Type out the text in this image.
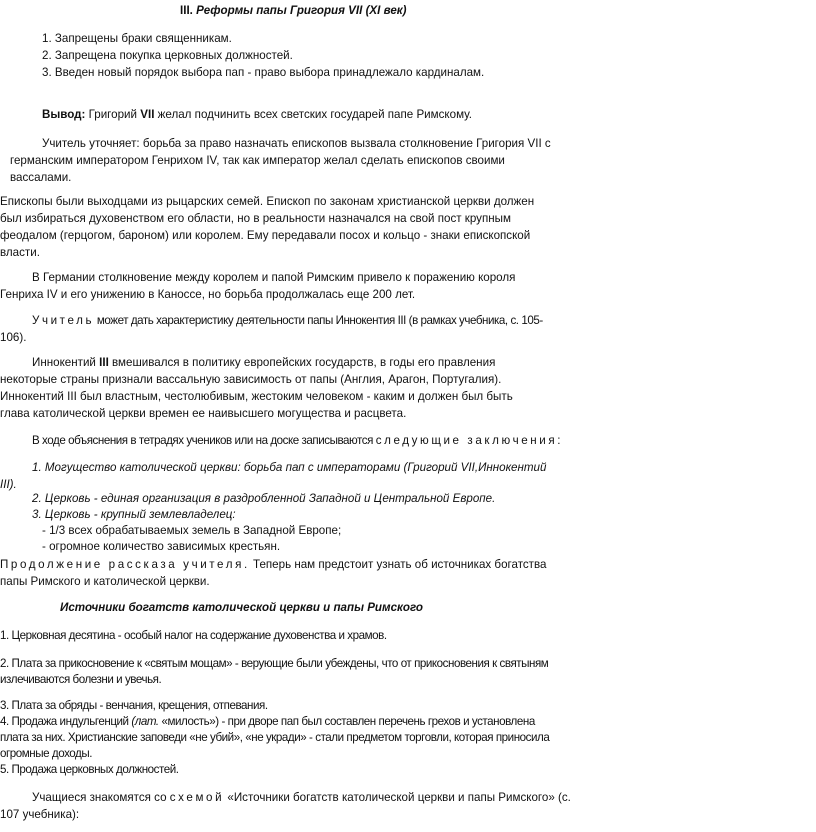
III. Реформы папы Григория VII (XI век)
1. Запрещены браки священникам.
2. Запрещена покупка церковных должностей.
3. Введен новый порядок выбора пап - право выбора принадлежало кардиналам.
Вывод: Григорий VII желал подчинить всех светских государей папе Римскому.
Учитель уточняет: борьба за право назначать епископов вызвала столкновение Григория VII с
германским императором Генрихом IV, так как император желал сделать епископов своими
вассалами.
Епископы были выходцами из рыцарских семей. Епископ по законам христианской церкви должен
был избираться духовенством его области, но в реальности назначался на свой пост крупным
феодалом (герцогом, бароном) или королем. Ему передавали посох и кольцо - знаки епископской
власти.
В Германии столкновение между королем и папой Римским привело к поражению короля
Генриха IV и его унижению в Каноссе, но борьба продолжалась еще 200 лет.
Учитель может дать характеристику деятельности папы Иннокентия III (в рамках учебника, с. 105-
106).
Иннокентий III вмешивался в политику европейских государств, в годы его правления
некоторые страны признали вассальную зависимость от папы (Англия, Арагон, Португалия).
Иннокентий III был властным, честолюбивым, жестоким человеком - каким и должен был быть
глава католической церкви времен ее наивысшего могущества и расцвета.
В ходе объяснения в тетрадях учеников или на доске записываются следующие заключения:
1. Могущество католической церкви: борьба пап с императорами (Григорий VII,Иннокентий
III).
2. Церковь - единая организация в раздробленной Западной и Центральной Европе.
3. Церковь - крупный землевладелец:
- 1/3 всех обрабатываемых земель в Западной Европе;
- огромное количество зависимых крестьян.
Продолжение рассказа учителя. Теперь нам предстоит узнать об источниках богатства
папы Римского и католической церкви.
Источники богатств католической церкви и папы Римского
1. Церковная десятина - особый налог на содержание духовенства и храмов.
2. Плата за прикосновение к «святым мощам» - верующие были убеждены, что от прикосновения к святыням
излечиваются болезни и увечья.
3. Плата за обряды - венчания, крещения, отпевания.
4. Продажа индульгенций (лат. «милость») - при дворе пап был составлен перечень грехов и установлена
плата за них. Христианские заповеди «не убий», «не укради» - стали предметом торговли, которая приносила
огромные доходы.
5. Продажа церковных должностей.
Учащиеся знакомятся со схемой «Источники богатств католической церкви и папы Римского» (с.
107 учебника):
